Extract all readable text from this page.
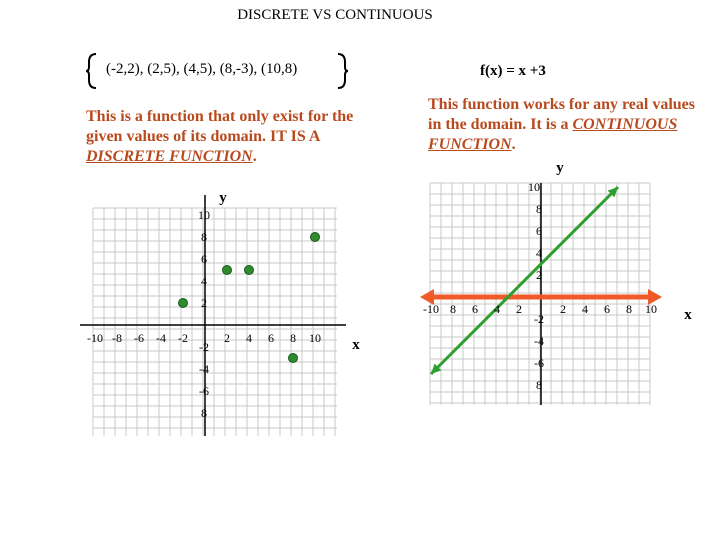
DISCRETE VS CONTINUOUS
(-2,2), (2,5), (4,5), (8,-3), (10,8)	f(x) = x +3
This is a function that only exist for the given values of its domain. IT IS A DISCRETE FUNCTION.
This function works for any real values in the domain. It is a CONTINUOUS FUNCTION.
-10 -8 -6 -4 -2	2 4 6 8 10
10
8
6
4
2
-2
-4
-6
8
y
x
-10 8 6 4 2	2 4 6 8 10
10
8
6
4
2
-2
-4
-6
8
y
x
